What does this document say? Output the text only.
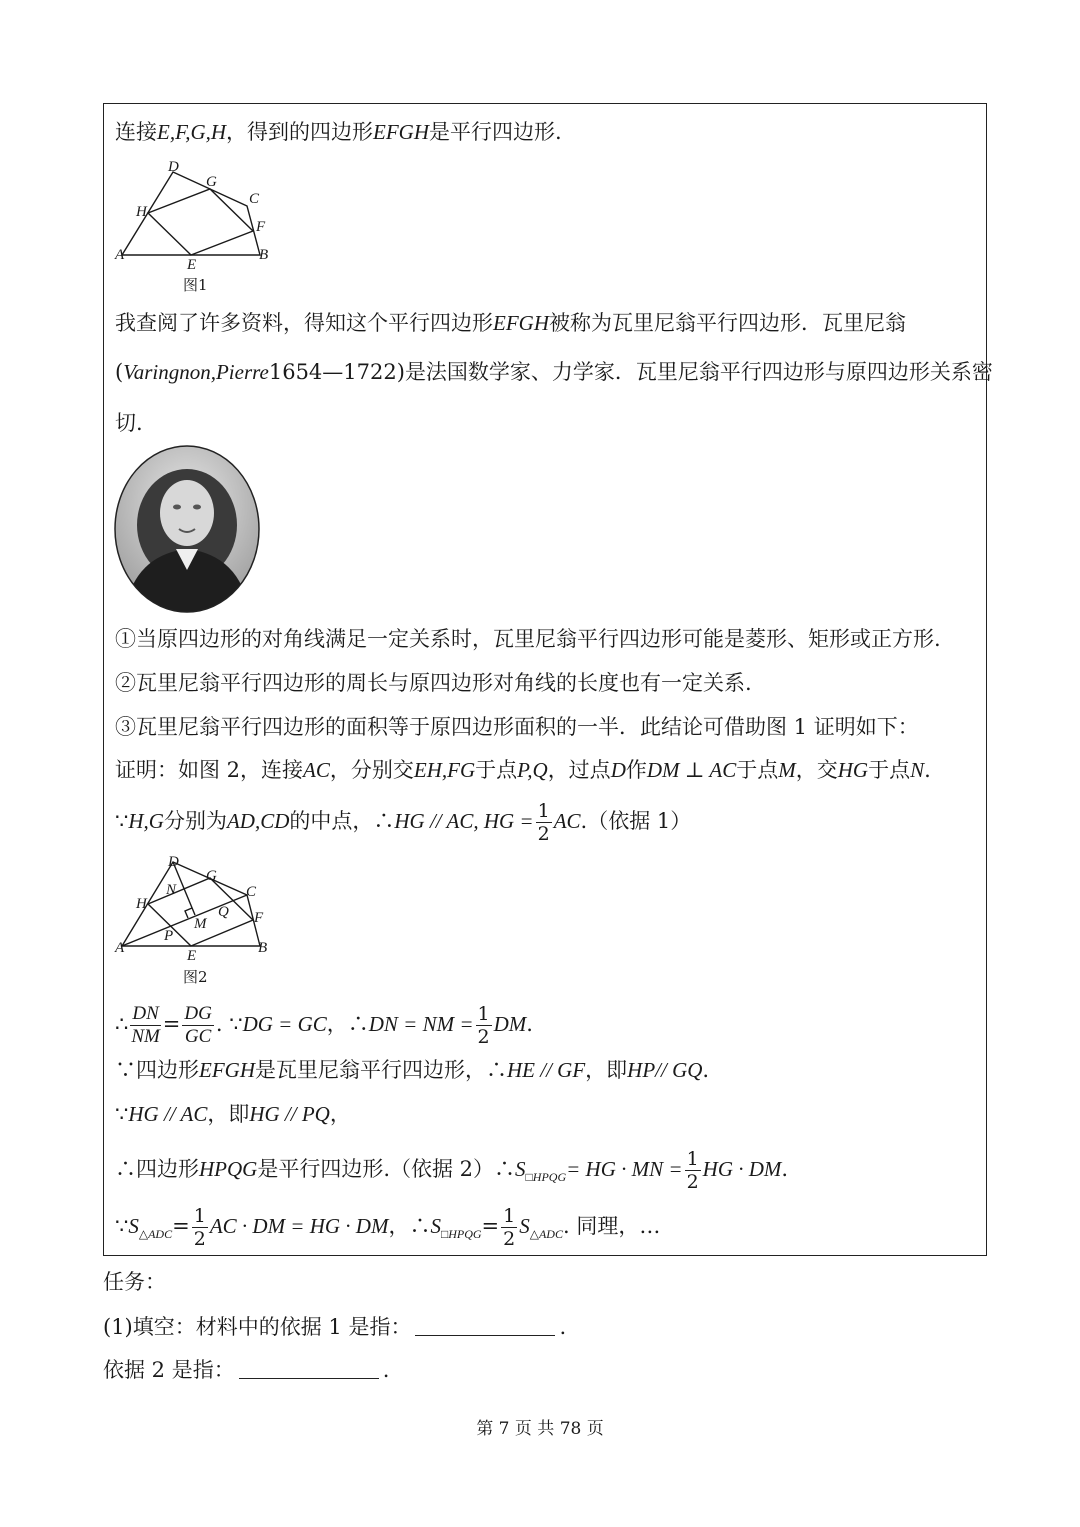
连接E,F,G,H，得到的四边形EFGH是平行四边形.
D
G
C
H
F
A
E
B
图1
我查阅了许多资料，得知这个平行四边形EFGH被称为瓦里尼翁平行四边形．瓦里尼翁
(Varingnon,Pierre1654—1722)是法国数学家、力学家．瓦里尼翁平行四边形与原四边形关系密
切.
①当原四边形的对角线满足一定关系时，瓦里尼翁平行四边形可能是菱形、矩形或正方形.
②瓦里尼翁平行四边形的周长与原四边形对角线的长度也有一定关系.
③瓦里尼翁平行四边形的面积等于原四边形面积的一半．此结论可借助图 1 证明如下：
证明：如图 2，连接AC，分别交EH,FG于点P,Q，过点D作DM ⊥ AC于点M，交HG于点N.
∵H,G分别为AD,CD的中点，∴HG // AC, HG = $\frac{1}{2} AC$.（依据 1）
D
G
N	C
H	Q F
M
P
A	E	B
图2
∴ $\frac{DN}{NM} = \frac{DG}{GC}$ . ∵DG = GC，∴DN = NM = $\frac{1}{2}$ DM.
∵四边形EFGH是瓦里尼翁平行四边形，∴HE // GF，即HP// GQ.
∵HG // AC，即HG // PQ，
∴四边形HPQG是平行四边形.（依据 $2)\therefore S_{□HPQG}=$ HG · MN = $\frac{1}{2}$ HG · DM.
$\because S_{\triangle ADC}= \frac{1}{2}$ AC · DM = HG · DM，$\therefore S_{□HPQG}= \frac{1}{2} S_{\triangle ADC}$. 同理，…
任务：
(1)填空：材料中的依据 1 是指：	.
依据 2 是指：	.
第 7 页 共 78 页
